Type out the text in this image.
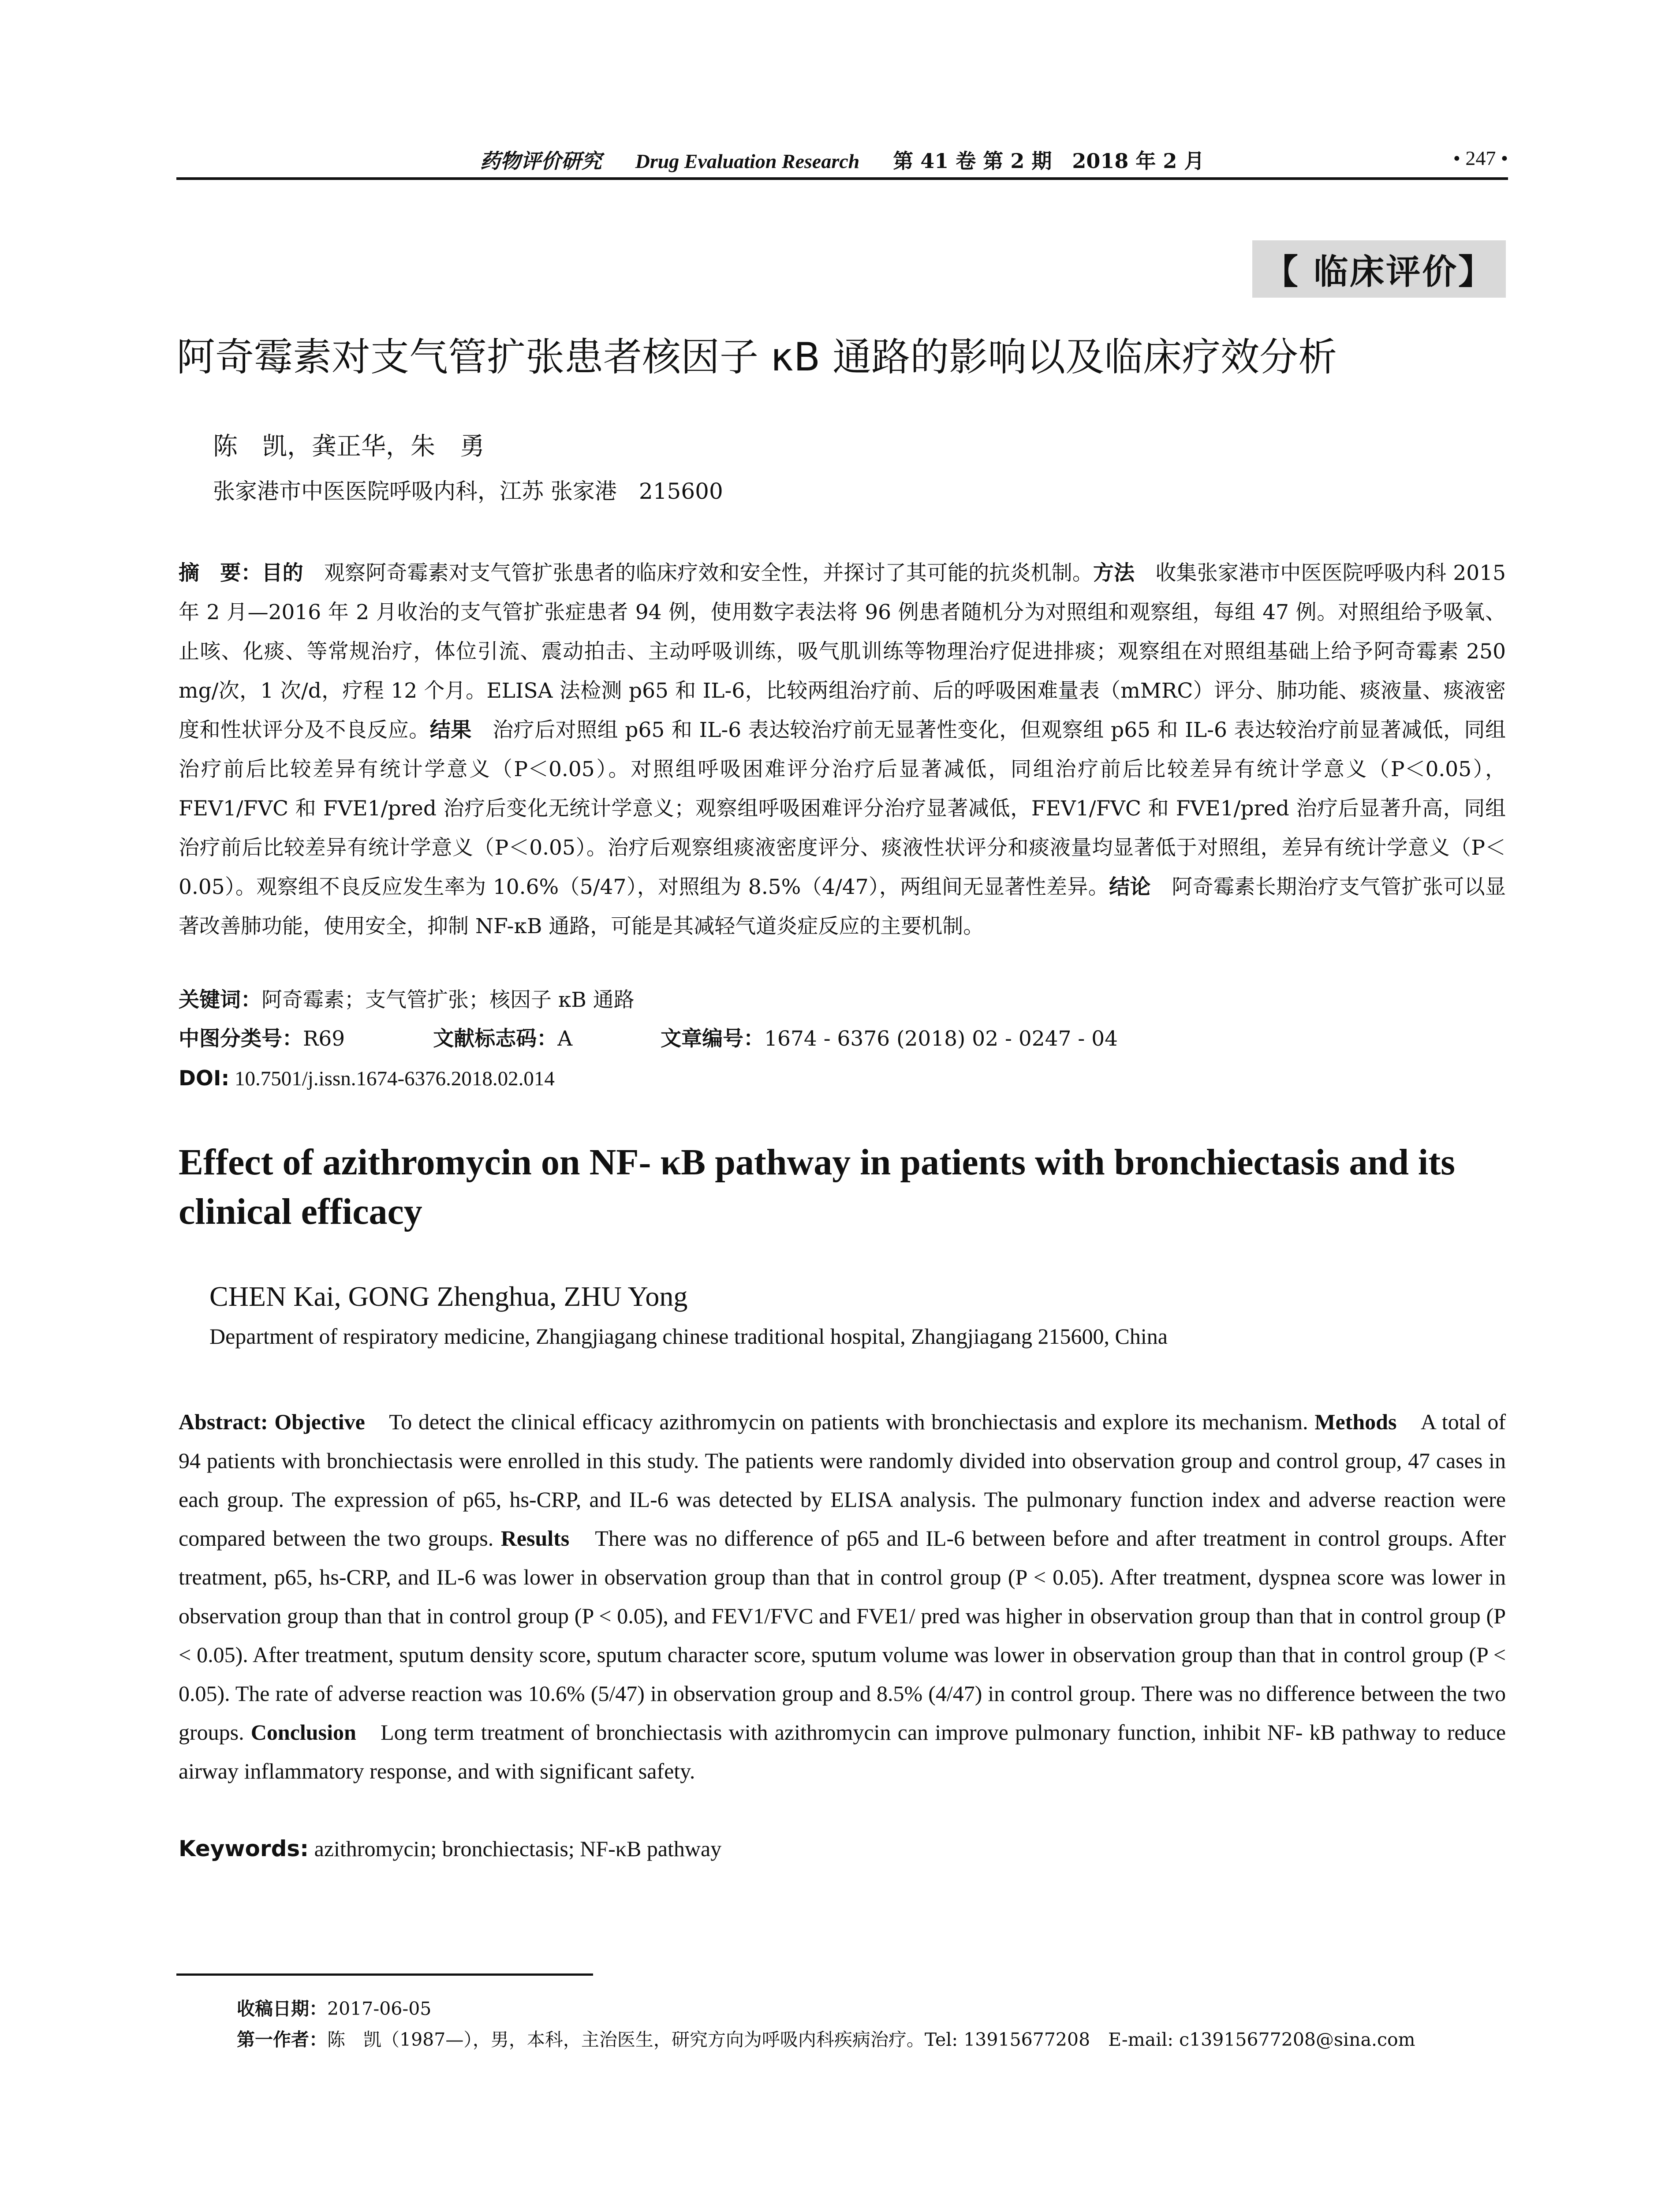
药物评价研究 Drug Evaluation Research 第 41 卷 第 2 期　2018 年 2 月	• 247 •
【 临床评价】
阿奇霉素对支气管扩张患者核因子 κB 通路的影响以及临床疗效分析
陈　凯，龚正华，朱　勇
张家港市中医医院呼吸内科，江苏 张家港　215600
摘　要：目的　观察阿奇霉素对支气管扩张患者的临床疗效和安全性，并探讨了其可能的抗炎机制。方法　收集张家港市中医医院呼吸内科 2015 年 2 月—2016 年 2 月收治的支气管扩张症患者 94 例，使用数字表法将 96 例患者随机分为对照组和观察组，每组 47 例。对照组给予吸氧、止咳、化痰、等常规治疗，体位引流、震动拍击、主动呼吸训练，吸气肌训练等物理治疗促进排痰；观察组在对照组基础上给予阿奇霉素 250 mg/次，1 次/d，疗程 12 个月。ELISA 法检测 p65 和 IL-6，比较两组治疗前、后的呼吸困难量表（mMRC）评分、肺功能、痰液量、痰液密度和性状评分及不良反应。结果　治疗后对照组 p65 和 IL-6 表达较治疗前无显著性变化，但观察组 p65 和 IL-6 表达较治疗前显著减低，同组治疗前后比较差异有统计学意义（P＜0.05）。对照组呼吸困难评分治疗后显著减低，同组治疗前后比较差异有统计学意义（P＜0.05），FEV1/FVC 和 FVE1/pred 治疗后变化无统计学意义；观察组呼吸困难评分治疗显著减低，FEV1/FVC 和 FVE1/pred 治疗后显著升高，同组治疗前后比较差异有统计学意义（P＜0.05）。治疗后观察组痰液密度评分、痰液性状评分和痰液量均显著低于对照组，差异有统计学意义（P＜0.05）。观察组不良反应发生率为 10.6%（5/47），对照组为 8.5%（4/47），两组间无显著性差异。结论　阿奇霉素长期治疗支气管扩张可以显著改善肺功能，使用安全，抑制 NF-κB 通路，可能是其减轻气道炎症反应的主要机制。
关键词：阿奇霉素；支气管扩张；核因子 κB 通路
中图分类号：R69	文献标志码：A	文章编号：1674 - 6376 (2018) 02 - 0247 - 04
DOI: 10.7501/j.issn.1674-6376.2018.02.014
Effect of azithromycin on NF- κB pathway in patients with bronchiectasis and its clinical efficacy
CHEN Kai, GONG Zhenghua, ZHU Yong
Department of respiratory medicine, Zhangjiagang chinese traditional hospital, Zhangjiagang 215600, China
Abstract: Objective　To detect the clinical efficacy azithromycin on patients with bronchiectasis and explore its mechanism. Methods　A total of 94 patients with bronchiectasis were enrolled in this study. The patients were randomly divided into observation group and control group, 47 cases in each group. The expression of p65, hs-CRP, and IL-6 was detected by ELISA analysis. The pulmonary function index and adverse reaction were compared between the two groups. Results　There was no difference of p65 and IL-6 between before and after treatment in control groups. After treatment, p65, hs-CRP, and IL-6 was lower in observation group than that in control group (P < 0.05). After treatment, dyspnea score was lower in observation group than that in control group (P < 0.05), and FEV1/FVC and FVE1/ pred was higher in observation group than that in control group (P < 0.05). After treatment, sputum density score, sputum character score, sputum volume was lower in observation group than that in control group (P < 0.05). The rate of adverse reaction was 10.6% (5/47) in observation group and 8.5% (4/47) in control group. There was no difference between the two groups. Conclusion　Long term treatment of bronchiectasis with azithromycin can improve pulmonary function, inhibit NF- kB pathway to reduce airway inflammatory response, and with significant safety.
Keywords: azithromycin; bronchiectasis; NF-κB pathway
收稿日期：2017-06-05
第一作者：陈　凯（1987—），男，本科，主治医生，研究方向为呼吸内科疾病治疗。Tel: 13915677208　E-mail: c13915677208@sina.com
